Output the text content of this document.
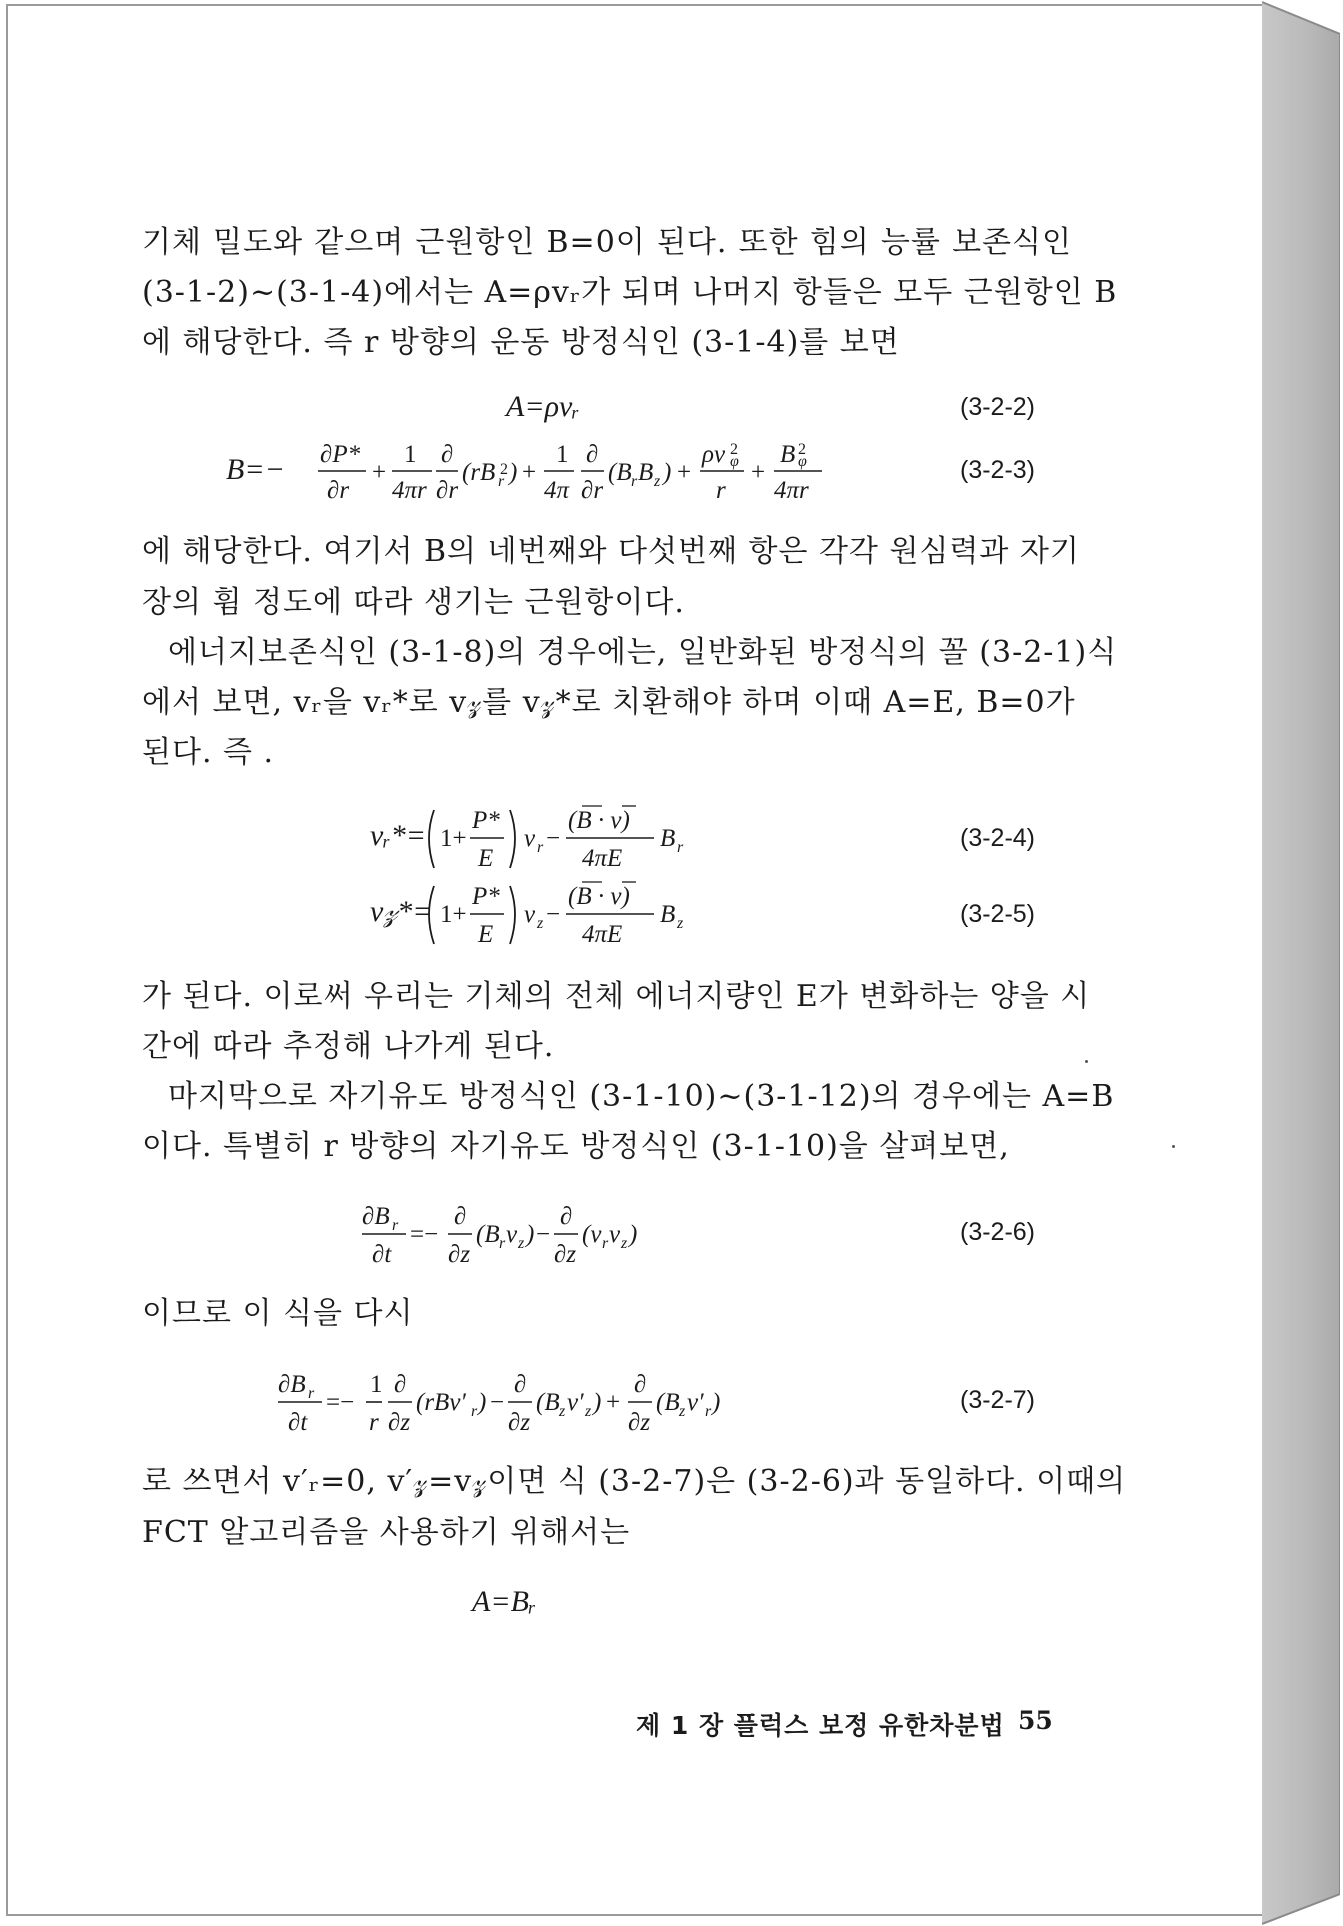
기체 밀도와 같으며 근원항인 B=0이 된다. 또한 힘의 능률 보존식인
(3-1-2)~(3-1-4)에서는 A=ρvᵣ가 되며 나머지 항들은 모두 근원항인 B
에 해당한다. 즉 r 방향의 운동 방정식인 (3-1-4)를 보면
A=ρvᵣ	(3-2-2)
B=− ∂P*
∂r
+
1
4πr
∂
∂r
(rB 2
r ) +
1
4π
∂
∂r
(B r B z ) +
ρv 2
φ
r
+
B 2
φ
4πr
(3-2-3)
에 해당한다. 여기서 B의 네번째와 다섯번째 항은 각각 원심력과 자기
장의 휨 정도에 따라 생기는 근원항이다.
에너지보존식인 (3-1-8)의 경우에는, 일반화된 방정식의 꼴 (3-2-1)식
에서 보면, vᵣ을 vᵣ*로 v𝓏를 v𝓏*로 치환해야 하며 이때 A=E, B=0가
된다. 즉 .
vᵣ*= 1+
P*
E
v r −
(B · v)
4πE
B r	(3-2-4)
v𝓏*= 1+
P*
E
v z −
(B · v)
4πE
B z	(3-2-5)
가 된다. 이로써 우리는 기체의 전체 에너지량인 E가 변화하는 양을 시
간에 따라 추정해 나가게 된다.
마지막으로 자기유도 방정식인 (3-1-10)~(3-1-12)의 경우에는 A=B
이다. 특별히 r 방향의 자기유도 방정식인 (3-1-10)을 살펴보면,
∂B r
∂t
=−
∂
∂z
(B r v z ) −
∂
∂z
(v r v z )	(3-2-6)
이므로 이 식을 다시
∂B r
∂t
=−
1
r
∂
∂z
(rBv′ r ) −
∂
∂z
(B z v′ z ) +
∂
∂z
(B z v′ r )	(3-2-7)
로 쓰면서 v′ᵣ=0, v′𝓏=v𝓏이면 식 (3-2-7)은 (3-2-6)과 동일하다. 이때의
FCT 알고리즘을 사용하기 위해서는
A=Bᵣ
제 1 장 플럭스 보정 유한차분법 55
